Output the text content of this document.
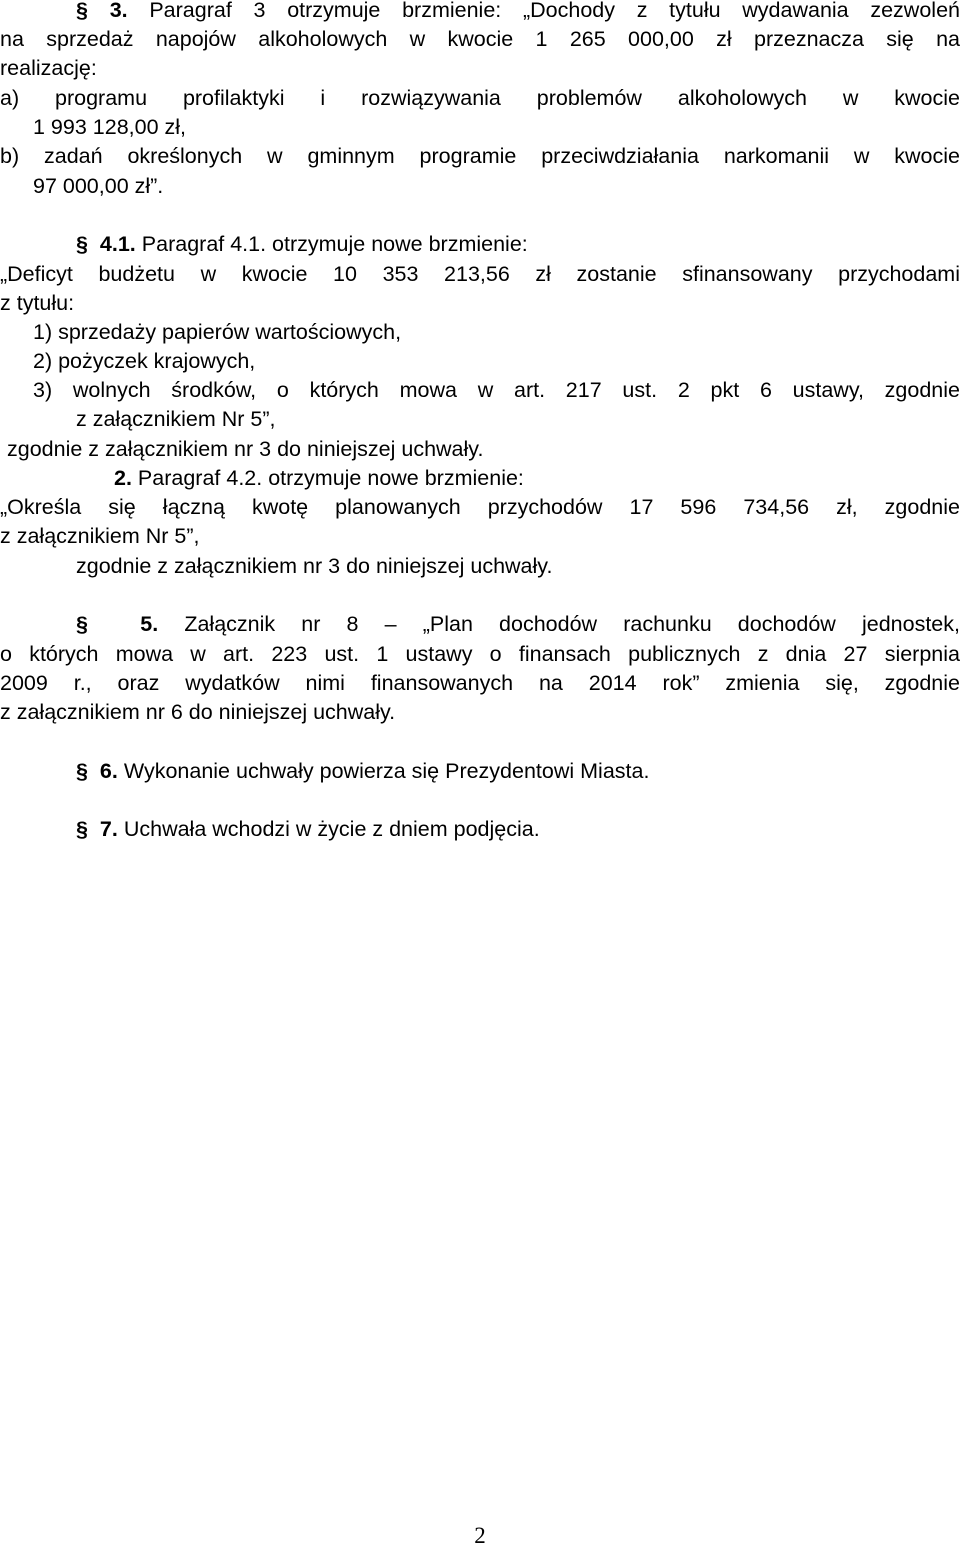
§ 3. Paragraf 3 otrzymuje brzmienie: „Dochody z tytułu wydawania zezwoleń
na sprzedaż napojów alkoholowych w kwocie 1 265 000,00 zł przeznacza się na
realizację:
a) programu profilaktyki i rozwiązywania problemów alkoholowych w kwocie
1 993 128,00 zł,
b) zadań określonych w gminnym programie przeciwdziałania narkomanii w kwocie
97 000,00 zł”.
§ 4.1. Paragraf 4.1. otrzymuje nowe brzmienie:
„Deficyt budżetu w kwocie 10 353 213,56 zł zostanie sfinansowany przychodami
z tytułu:
1) sprzedaży papierów wartościowych,
2) pożyczek krajowych,
3) wolnych środków, o których mowa w art. 217 ust. 2 pkt 6 ustawy, zgodnie
z załącznikiem Nr 5”,
zgodnie z załącznikiem nr 3 do niniejszej uchwały.
2. Paragraf 4.2. otrzymuje nowe brzmienie:
„Określa się łączną kwotę planowanych przychodów 17 596 734,56 zł, zgodnie
z załącznikiem Nr 5”,
zgodnie z załącznikiem nr 3 do niniejszej uchwały.
§ 5. Załącznik nr 8 – „Plan dochodów rachunku dochodów jednostek,
o których mowa w art. 223 ust. 1 ustawy o finansach publicznych z dnia 27 sierpnia
2009 r., oraz wydatków nimi finansowanych na 2014 rok” zmienia się, zgodnie
z załącznikiem nr 6 do niniejszej uchwały.
§ 6. Wykonanie uchwały powierza się Prezydentowi Miasta.
§ 7. Uchwała wchodzi w życie z dniem podjęcia.
2
